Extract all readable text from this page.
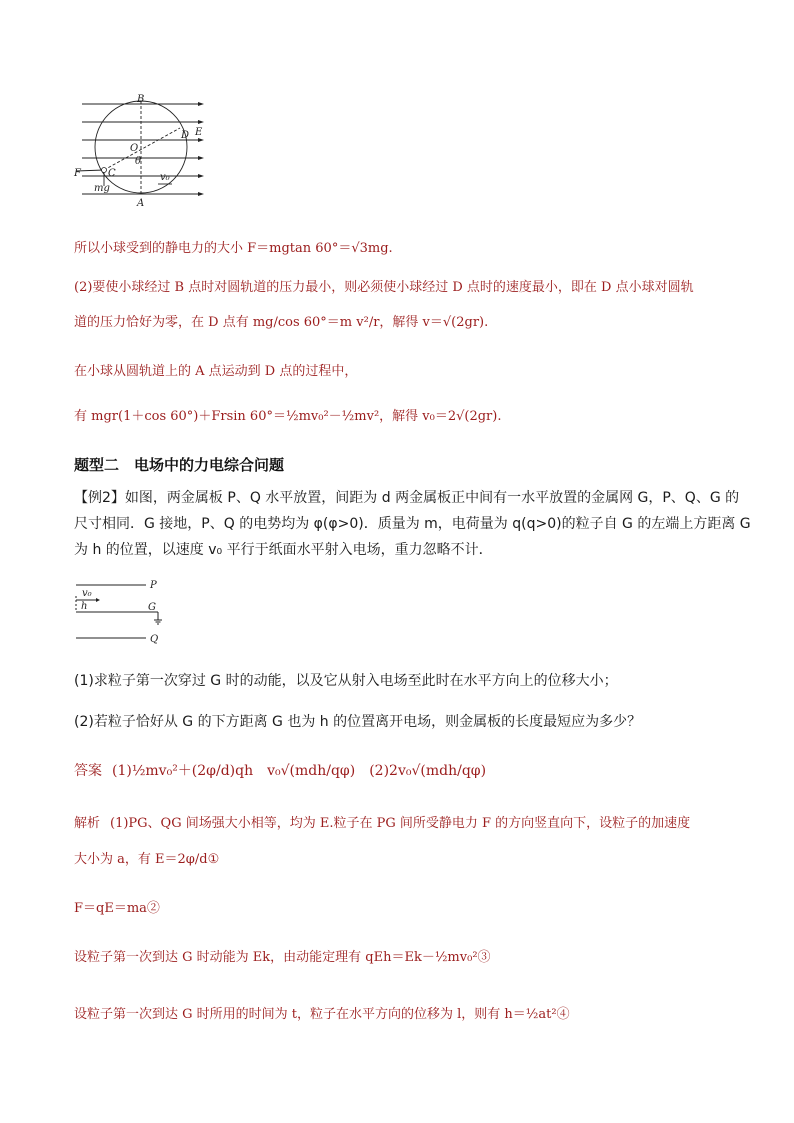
B
D E
O
θ
F	C
mg
v₀
A
所以小球受到的静电力的大小 F＝mgtan 60°＝√3mg.
(2)要使小球经过 B 点时对圆轨道的压力最小，则必须使小球经过 D 点时的速度最小，即在 D 点小球对圆轨
道的压力恰好为零，在 D 点有 mg/cos 60°＝m v²/r，解得 v＝√(2gr).
在小球从圆轨道上的 A 点运动到 D 点的过程中，
有 mgr(1＋cos 60°)＋Frsin 60°＝½mv₀²－½mv²，解得 v₀＝2√(2gr).
题型二　电场中的力电综合问题
【例2】如图，两金属板 P、Q 水平放置，间距为 d 两金属板正中间有一水平放置的金属网 G，P、Q、G 的
尺寸相同．G 接地，P、Q 的电势均为 φ(φ>0)．质量为 m，电荷量为 q(q>0)的粒子自 G 的左端上方距离 G
为 h 的位置，以速度 v₀ 平行于纸面水平射入电场，重力忽略不计．
P
G
Q
h
v₀
(1)求粒子第一次穿过 G 时的动能，以及它从射入电场至此时在水平方向上的位移大小；
(2)若粒子恰好从 G 的下方距离 G 也为 h 的位置离开电场，则金属板的长度最短应为多少？
答案 (1)½mv₀²＋(2φ/d)qh　v₀√(mdh/qφ)　(2)2v₀√(mdh/qφ)
解析 (1)PG、QG 间场强大小相等，均为 E.粒子在 PG 间所受静电力 F 的方向竖直向下，设粒子的加速度
大小为 a，有 E＝2φ/d①
F＝qE＝ma②
设粒子第一次到达 G 时动能为 Ek，由动能定理有 qEh＝Ek－½mv₀²③
设粒子第一次到达 G 时所用的时间为 t，粒子在水平方向的位移为 l，则有 h＝½at²④
